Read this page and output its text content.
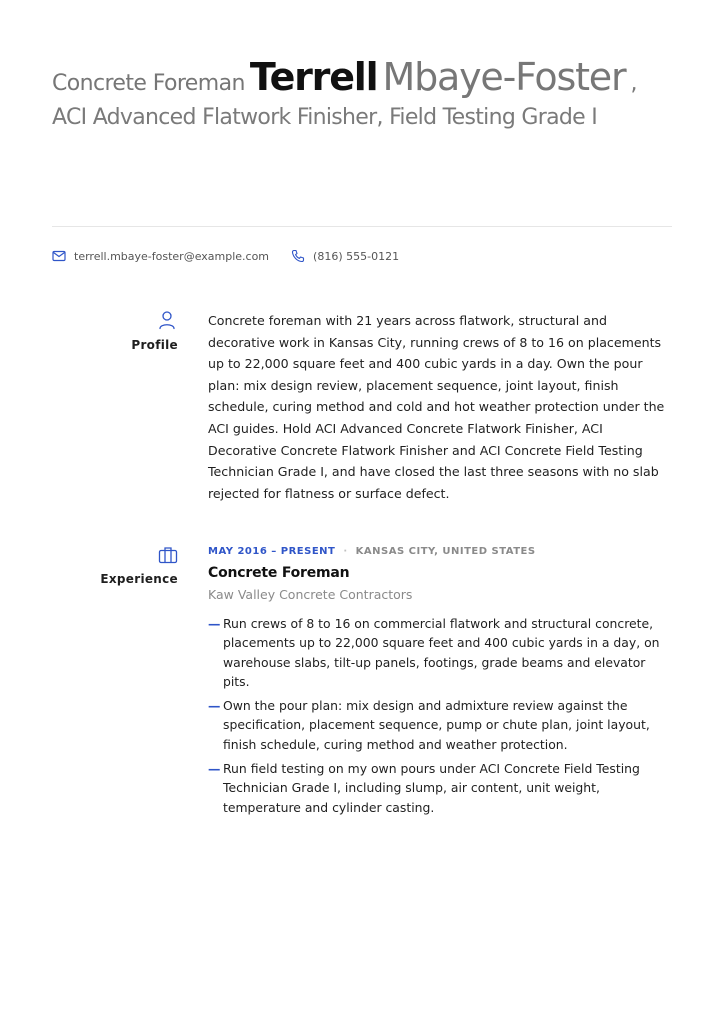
Concrete Foreman Terrell Mbaye-Foster , ACI Advanced Flatwork Finisher, Field Testing Grade I

terrell.mbaye-foster@example.com	(816) 555-0121
Profile

Concrete foreman with 21 years across flatwork, structural and decorative work in Kansas City, running crews of 8 to 16 on placements up to 22,000 square feet and 400 cubic yards in a day. Own the pour plan: mix design review, placement sequence, joint layout, finish schedule, curing method and cold and hot weather protection under the ACI guides. Hold ACI Advanced Concrete Flatwork Finisher, ACI Decorative Concrete Flatwork Finisher and ACI Concrete Field Testing Technician Grade I, and have closed the last three seasons with no slab rejected for flatness or surface defect.

Experience
MAY 2016 – PRESENT · KANSAS CITY, UNITED STATES
Concrete Foreman
Kaw Valley Concrete Contractors
— Run crews of 8 to 16 on commercial flatwork and structural concrete, placements up to 22,000 square feet and 400 cubic yards in a day, on warehouse slabs, tilt-up panels, footings, grade beams and elevator pits.
— Own the pour plan: mix design and admixture review against the specification, placement sequence, pump or chute plan, joint layout, finish schedule, curing method and weather protection.
— Run field testing on my own pours under ACI Concrete Field Testing Technician Grade I, including slump, air content, unit weight, temperature and cylinder casting.
